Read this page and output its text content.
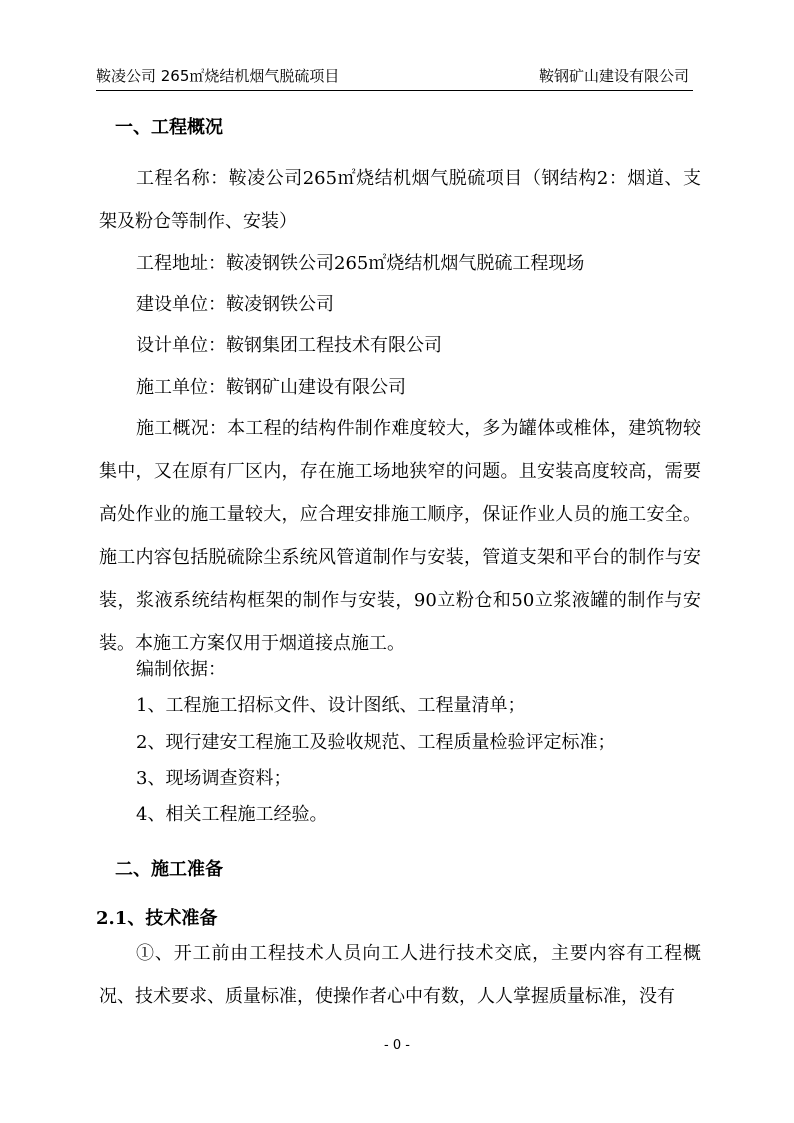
鞍凌公司 265㎡烧结机烟气脱硫项目	鞍钢矿山建设有限公司
一、工程概况

工程名称：鞍凌公司265㎡烧结机烟气脱硫项目（钢结构2：烟道、支架及粉仓等制作、安装）

工程地址：鞍凌钢铁公司265㎡烧结机烟气脱硫工程现场
建设单位：鞍凌钢铁公司
设计单位：鞍钢集团工程技术有限公司
施工单位：鞍钢矿山建设有限公司

施工概况：本工程的结构件制作难度较大，多为罐体或椎体，建筑物较集中，又在原有厂区内，存在施工场地狭窄的问题。且安装高度较高，需要高处作业的施工量较大，应合理安排施工顺序，保证作业人员的施工安全。施工内容包括脱硫除尘系统风管道制作与安装，管道支架和平台的制作与安装，浆液系统结构框架的制作与安装，90立粉仓和50立浆液罐的制作与安装。本施工方案仅用于烟道接点施工。

编制依据：
1、工程施工招标文件、设计图纸、工程量清单；
2、现行建安工程施工及验收规范、工程质量检验评定标准；
3、现场调查资料；
4、相关工程施工经验。
二、施工准备
2.1、技术准备

①、开工前由工程技术人员向工人进行技术交底，主要内容有工程概况、技术要求、质量标准，使操作者心中有数，人人掌握质量标准，没有

- 0 -
